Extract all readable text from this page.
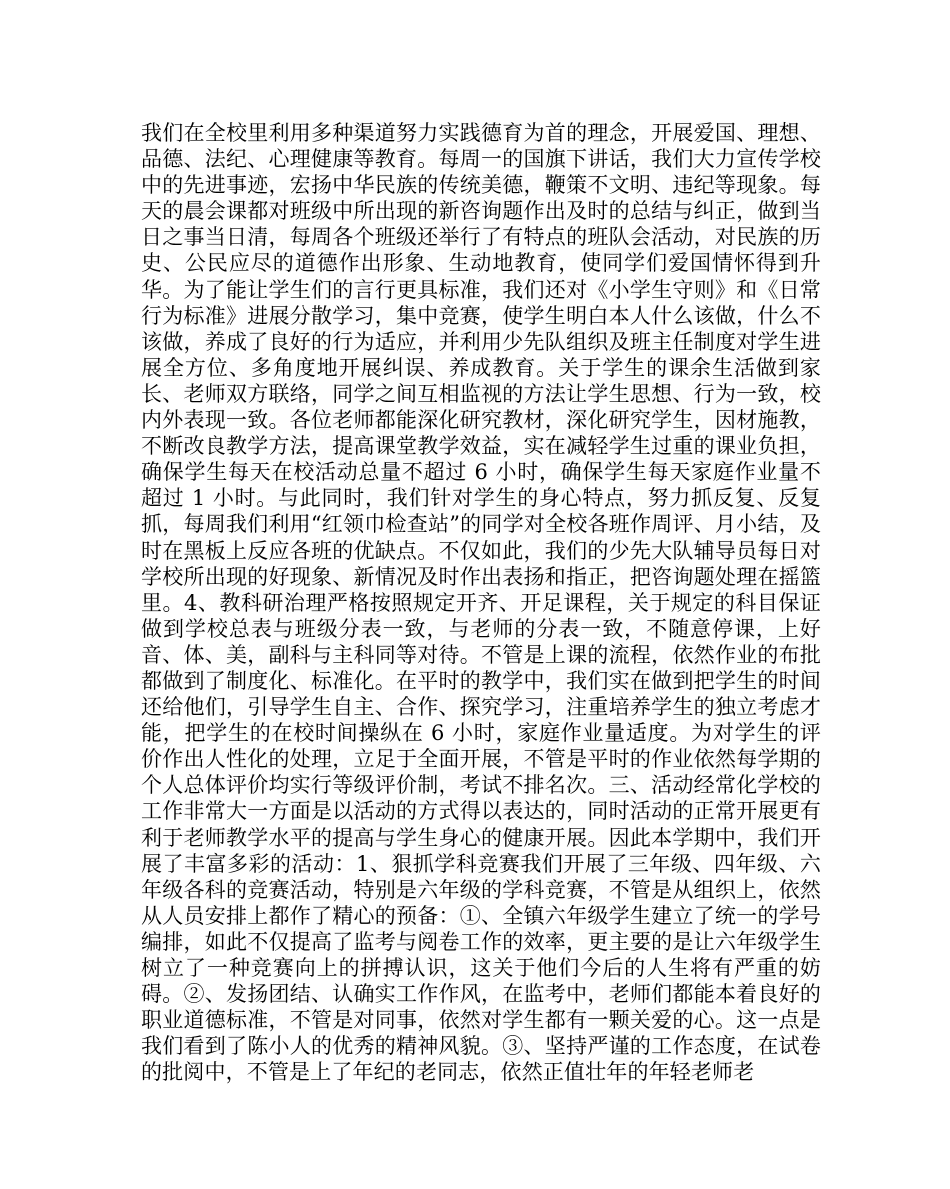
我们在全校里利用多种渠道努力实践德育为首的理念，开展爱国、理想、品德、法纪、心理健康等教育。每周一的国旗下讲话，我们大力宣传学校中的先进事迹，宏扬中华民族的传统美德，鞭策不文明、违纪等现象。每天的晨会课都对班级中所出现的新咨询题作出及时的总结与纠正，做到当日之事当日清，每周各个班级还举行了有特点的班队会活动，对民族的历史、公民应尽的道德作出形象、生动地教育，使同学们爱国情怀得到升华。为了能让学生们的言行更具标准，我们还对《小学生守则》和《日常行为标准》进展分散学习，集中竞赛，使学生明白本人什么该做，什么不该做，养成了良好的行为适应，并利用少先队组织及班主任制度对学生进展全方位、多角度地开展纠误、养成教育。关于学生的课余生活做到家长、老师双方联络，同学之间互相监视的方法让学生思想、行为一致，校内外表现一致。各位老师都能深化研究教材，深化研究学生，因材施教，不断改良教学方法，提高课堂教学效益，实在减轻学生过重的课业负担，确保学生每天在校活动总量不超过 6 小时，确保学生每天家庭作业量不超过 1 小时。与此同时，我们针对学生的身心特点，努力抓反复、反复抓，每周我们利用“红领巾检查站”的同学对全校各班作周评、月小结，及时在黑板上反应各班的优缺点。不仅如此，我们的少先大队辅导员每日对学校所出现的好现象、新情况及时作出表扬和指正，把咨询题处理在摇篮里。4、教科研治理严格按照规定开齐、开足课程，关于规定的科目保证做到学校总表与班级分表一致，与老师的分表一致，不随意停课，上好音、体、美，副科与主科同等对待。不管是上课的流程，依然作业的布批都做到了制度化、标准化。在平时的教学中，我们实在做到把学生的时间还给他们，引导学生自主、合作、探究学习，注重培养学生的独立考虑才能，把学生的在校时间操纵在 6 小时，家庭作业量适度。为对学生的评价作出人性化的处理，立足于全面开展，不管是平时的作业依然每学期的个人总体评价均实行等级评价制，考试不排名次。三、活动经常化学校的工作非常大一方面是以活动的方式得以表达的，同时活动的正常开展更有利于老师教学水平的提高与学生身心的健康开展。因此本学期中，我们开展了丰富多彩的活动：1、狠抓学科竞赛我们开展了三年级、四年级、六年级各科的竞赛活动，特别是六年级的学科竞赛，不管是从组织上，依然从人员安排上都作了精心的预备：①、全镇六年级学生建立了统一的学号编排，如此不仅提高了监考与阅卷工作的效率，更主要的是让六年级学生树立了一种竞赛向上的拼搏认识，这关于他们今后的人生将有严重的妨碍。②、发扬团结、认确实工作作风，在监考中，老师们都能本着良好的职业道德标准，不管是对同事，依然对学生都有一颗关爱的心。这一点是我们看到了陈小人的优秀的精神风貌。③、坚持严谨的工作态度，在试卷的批阅中，不管是上了年纪的老同志，依然正值壮年的年轻老师老
